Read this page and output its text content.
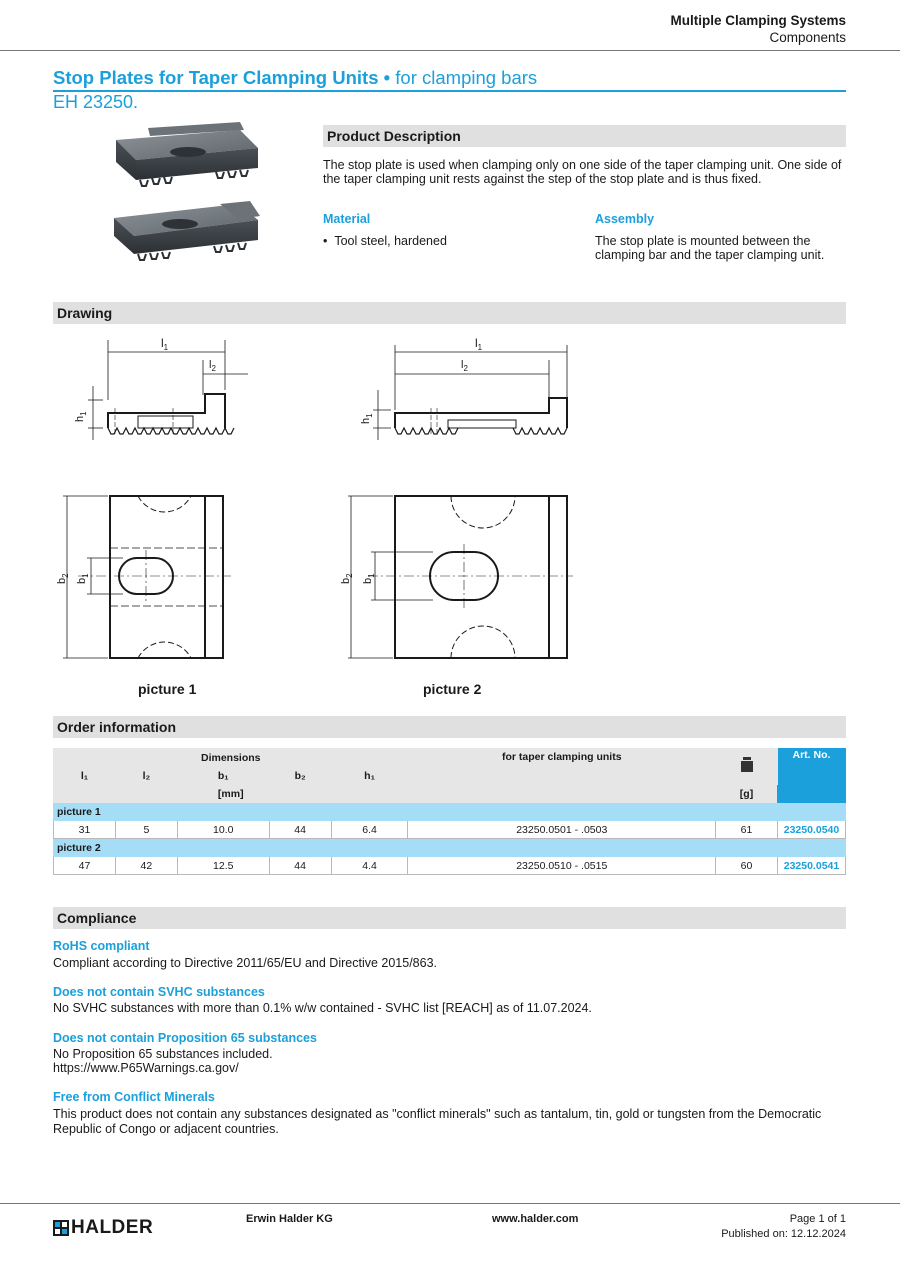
Multiple Clamping Systems
Components
Stop Plates for Taper Clamping Units • for clamping bars
EH 23250.
Product Description
The stop plate is used when clamping only on one side of the taper clamping unit. One side of the taper clamping unit rests against the step of the stop plate and is thus fixed.
Material
•  Tool steel, hardened
Assembly
The stop plate is mounted between the clamping bar and the taper clamping unit.
Drawing
$l_1$
$l_2$
$h_1$
$l_1$
$l_2$
$h_1$
$b_2$
$b_1$
picture 1
$b_2$
$b_1$
picture 2
Order information
Dimensions					for taper clamping units		Art. No.
l₁	l₂	b₁	b₂	h₁			
[mm]						[g]	
picture 1							
31	5	10.0	44	6.4	23250.0501 - .0503	61	23250.0540
picture 2							
47	42	12.5	44	4.4	23250.0510 - .0515	60	23250.0541
Compliance
RoHS compliant
Compliant according to Directive 2011/65/EU and Directive 2015/863.
Does not contain SVHC substances
No SVHC substances with more than 0.1% w/w contained - SVHC list [REACH] as of 11.07.2024.
Does not contain Proposition 65 substances
No Proposition 65 substances included.
https://www.P65Warnings.ca.gov/
Free from Conflict Minerals
This product does not contain any substances designated as "conflict minerals" such as tantalum, tin, gold or tungsten from the Democratic
Republic of Congo or adjacent countries.
HALDER	Erwin Halder KG	www.halder.com	Page 1 of 1
Published on: 12.12.2024
